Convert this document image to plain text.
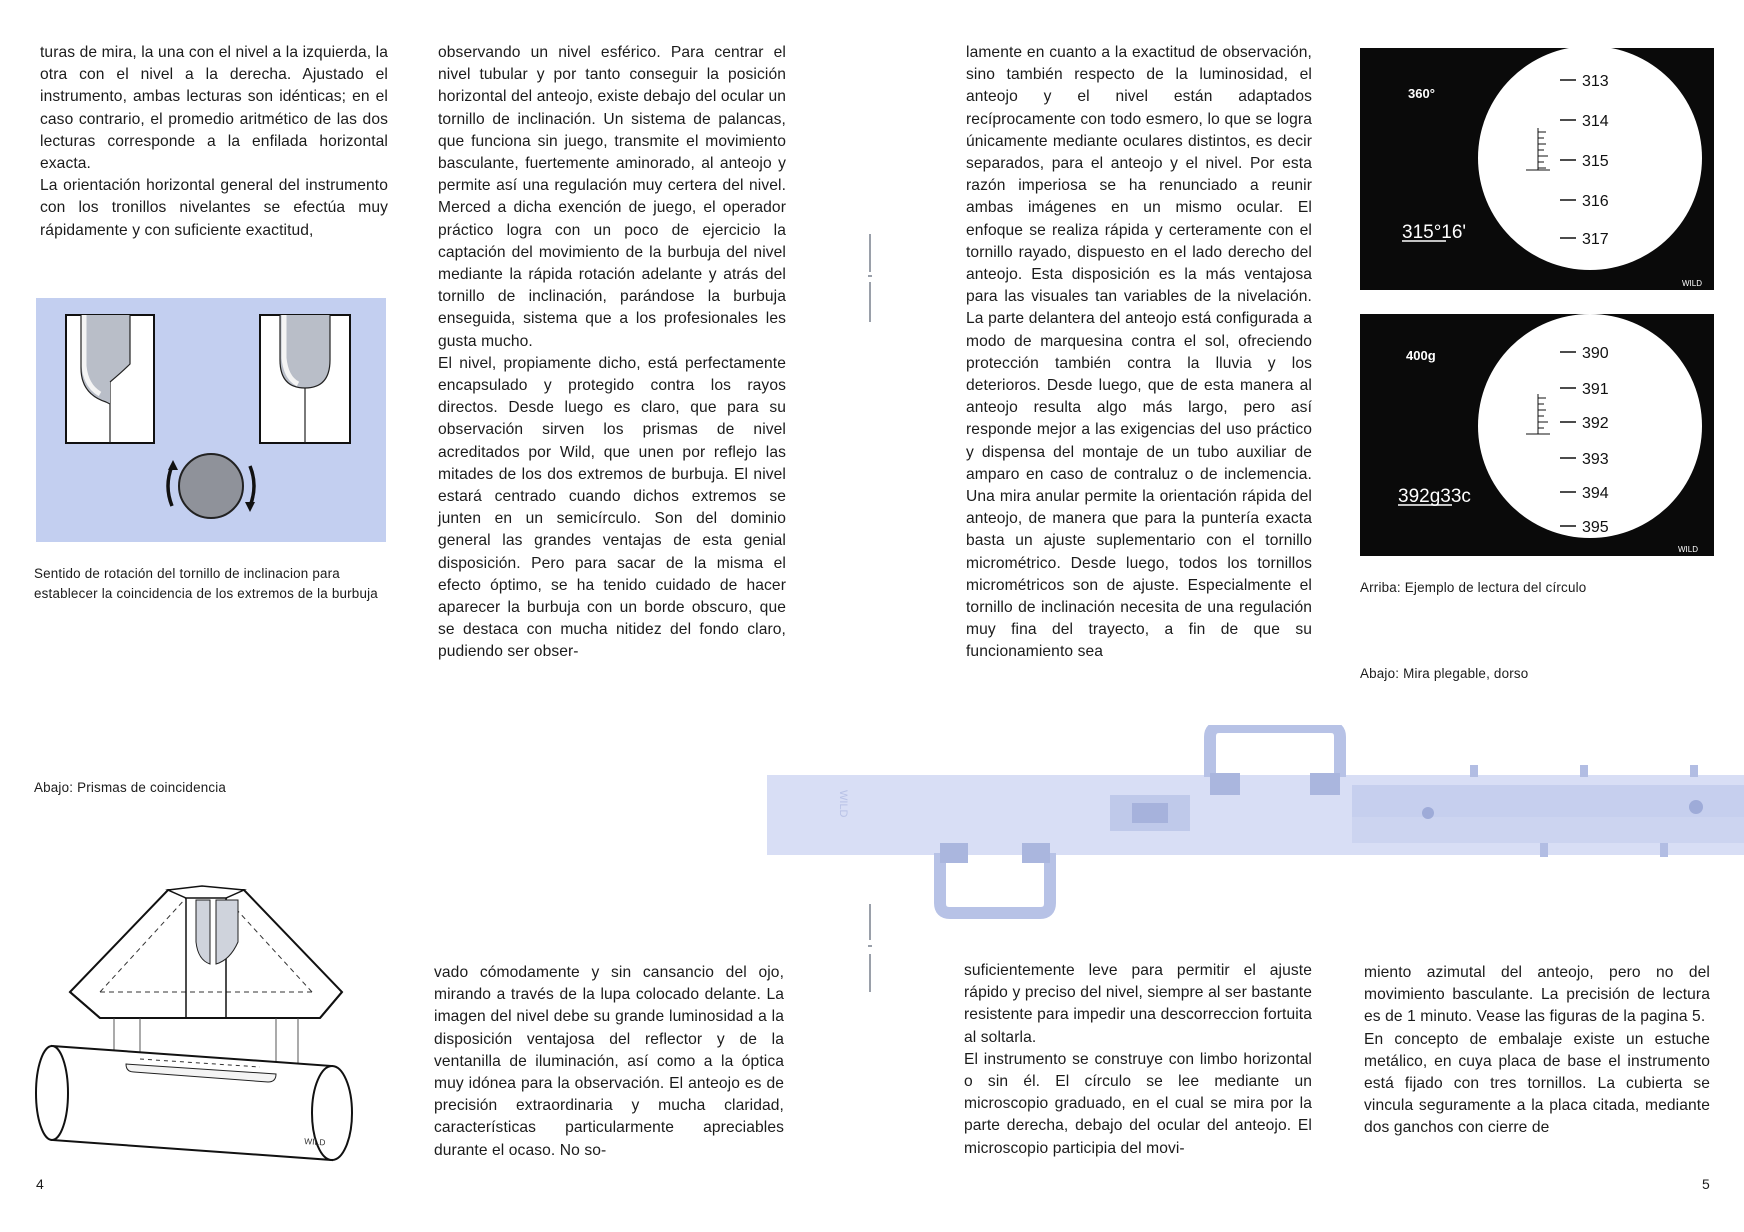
WILD

turas de mira, la una con el nivel a la izquierda, la otra con el nivel a la derecha. Ajustado el instrumento, ambas lecturas son idénticas; en el caso contrario, el promedio aritmético de las dos lecturas corresponde a la enfilada horizontal exacta.

La orientación horizontal general del instrumento con los tronillos nivelantes se efectúa muy rápidamente y con suficiente exactitud,

Sentido de rotación del tornillo de inclinacion para establecer la coincidencia de los extremos de la burbuja

Abajo: Prismas de coincidencia

WILD
4

observando un nivel esférico. Para centrar el nivel tubular y por tanto conseguir la posición horizontal del anteojo, existe debajo del ocular un tornillo de inclinación. Un sistema de palancas, que funciona sin juego, transmite el movimiento basculante, fuertemente aminorado, al anteojo y permite así una regulación muy certera del nivel. Merced a dicha exención de juego, el operador práctico logra con un poco de ejercicio la captación del movimiento de la burbuja del nivel mediante la rápida rotación adelante y atrás del tornillo de inclinación, parándose la burbuja enseguida, sistema que a los profesionales les gusta mucho.

El nivel, propiamente dicho, está perfectamente encapsulado y protegido contra los rayos directos. Desde luego es claro, que para su observación sirven los prismas de nivel acreditados por Wild, que unen por reflejo las mitades de los dos extremos de burbuja. El nivel estará centrado cuando dichos extremos se junten en un semicírculo. Son del dominio general las grandes ventajas de esta genial disposición. Pero para sacar de la misma el efecto óptimo, se ha tenido cuidado de hacer aparecer la burbuja con un borde obscuro, que se destaca con mucha nitidez del fondo claro, pudiendo ser obser-

vado cómodamente y sin cansancio del ojo, mirando a través de la lupa colocado delante. La imagen del nivel debe su grande luminosidad a la disposición ventajosa del reflector y de la ventanilla de iluminación, así como a la óptica muy idónea para la observación. El anteojo es de precisión extraordinaria y mucha claridad, características particularmente apreciables durante el ocaso. No so-

lamente en cuanto a la exactitud de observación, sino también respecto de la luminosidad, el anteojo y el nivel están adaptados recíprocamente con todo esmero, lo que se logra únicamente mediante oculares distintos, es decir separados, para el anteojo y el nivel. Por esta razón imperiosa se ha renunciado a reunir ambas imágenes en un mismo ocular. El enfoque se realiza rápida y certeramente con el tornillo rayado, dispuesto en el lado derecho del anteojo. Esta disposición es la más ventajosa para las visuales tan variables de la nivelación. La parte delantera del anteojo está configurada a modo de marquesina contra el sol, ofreciendo protección también contra la lluvia y los deterioros. Desde luego, que de esta manera al anteojo resulta algo más largo, pero así responde mejor a las exigencias del uso práctico y dispensa del montaje de un tubo auxiliar de amparo en caso de contraluz o de inclemencia. Una mira anular permite la orientación rápida del anteojo, de manera que para la puntería exacta basta un ajuste suplementario con el tornillo micrométrico. Desde luego, todos los tornillos micrométricos son de ajuste. Especialmente el tornillo de inclinación necesita de una regulación muy fina del trayecto, a fin de que su funcionamiento sea

suficientemente leve para permitir el ajuste rápido y preciso del nivel, siempre al ser bastante resistente para impedir una descorreccion fortuita al soltarla.

El instrumento se construye con limbo horizontal o sin él. El círculo se lee mediante un microscopio graduado, en el cual se mira por la parte derecha, debajo del ocular del anteojo. El microscopio participia del movi-

360°
315°16'
313
314
315
316
317
WILD
400g
392g33c
390
391
392
393
394
395
WILD

Arriba: Ejemplo de lectura del círculo

Abajo: Mira plegable, dorso

miento azimutal del anteojo, pero no del movimiento basculante. La precisión de lectura es de 1 minuto. Vease las figuras de la pagina 5.

En concepto de embalaje existe un estuche metálico, en cuya placa de base el instrumento está fijado con tres tornillos. La cubierta se vincula seguramente a la placa citada, mediante dos ganchos con cierre de

5
